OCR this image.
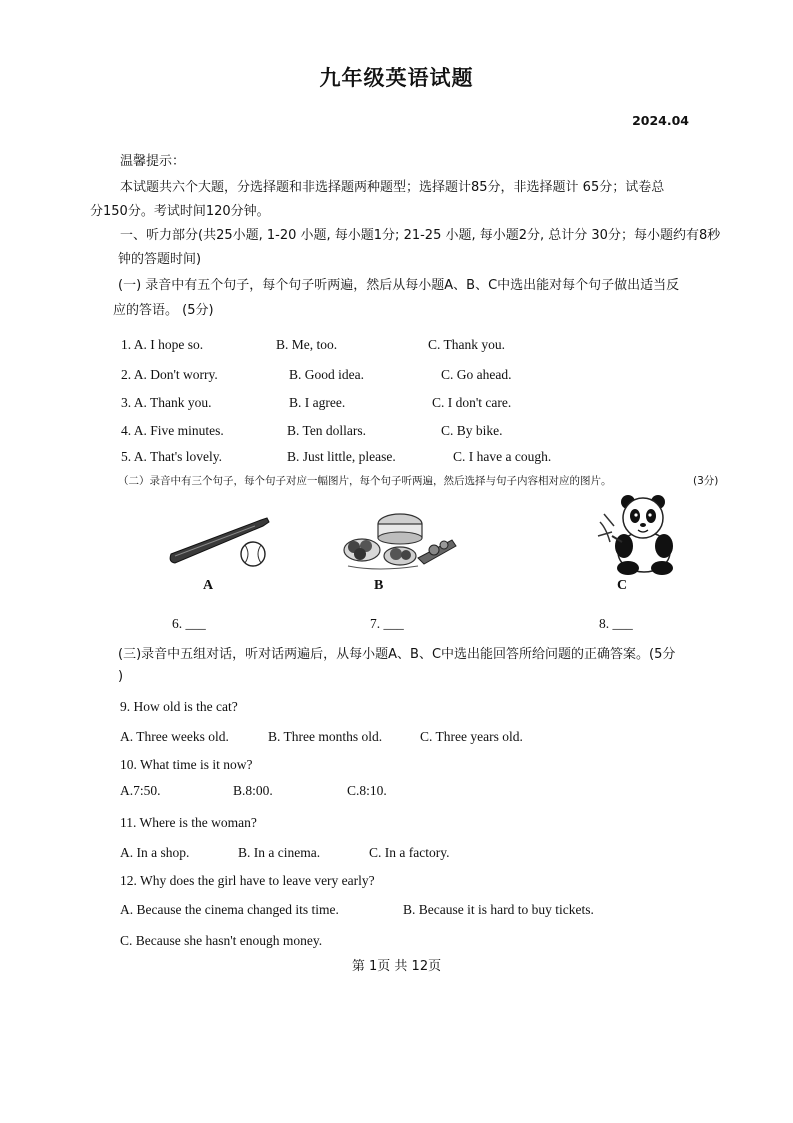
九年级英语试题
2024.04
温馨提示：
本试题共六个大题，分选择题和非选择题两种题型；选择题计85分，非选择题计 65分；试卷总
分150分。考试时间120分钟。
一、听力部分(共25小题, 1-20 小题, 每小题1分; 21-25 小题, 每小题2分, 总计分 30分；每小题约有8秒
钟的答题时间)
(一) 录音中有五个句子，每个句子听两遍，然后从每小题A、B、C中选出能对每个句子做出适当反
应的答语。 (5分)
1. A. I hope so.	B. Me, too.	C. Thank you.
2. A. Don't worry.	B. Good idea.	C. Go ahead.
3. A. Thank you.	B. I agree.	C. I don't care.
4. A. Five minutes.	B. Ten dollars.	C. By bike.
5. A. That's lovely.	B. Just little, please.	C. I have a cough.
（二）录音中有三个句子，每个句子对应一幅图片，每个句子听两遍，然后选择与句子内容相对应的图片。	(3分)
A	B	C
6. ___	7. ___	8. ___
(三)录音中五组对话，听对话两遍后，从每小题A、B、C中选出能回答所给问题的正确答案。(5分
)
9. How old is the cat?
A. Three weeks old.	B. Three months old.	C. Three years old.
10. What time is it now?
A.7:50.	B.8:00.	C.8:10.
11. Where is the woman?
A. In a shop.	B. In a cinema.	C. In a factory.
12. Why does the girl have to leave very early?
A. Because the cinema changed its time.	B. Because it is hard to buy tickets.
C. Because she hasn't enough money.
第 1页 共 12页
